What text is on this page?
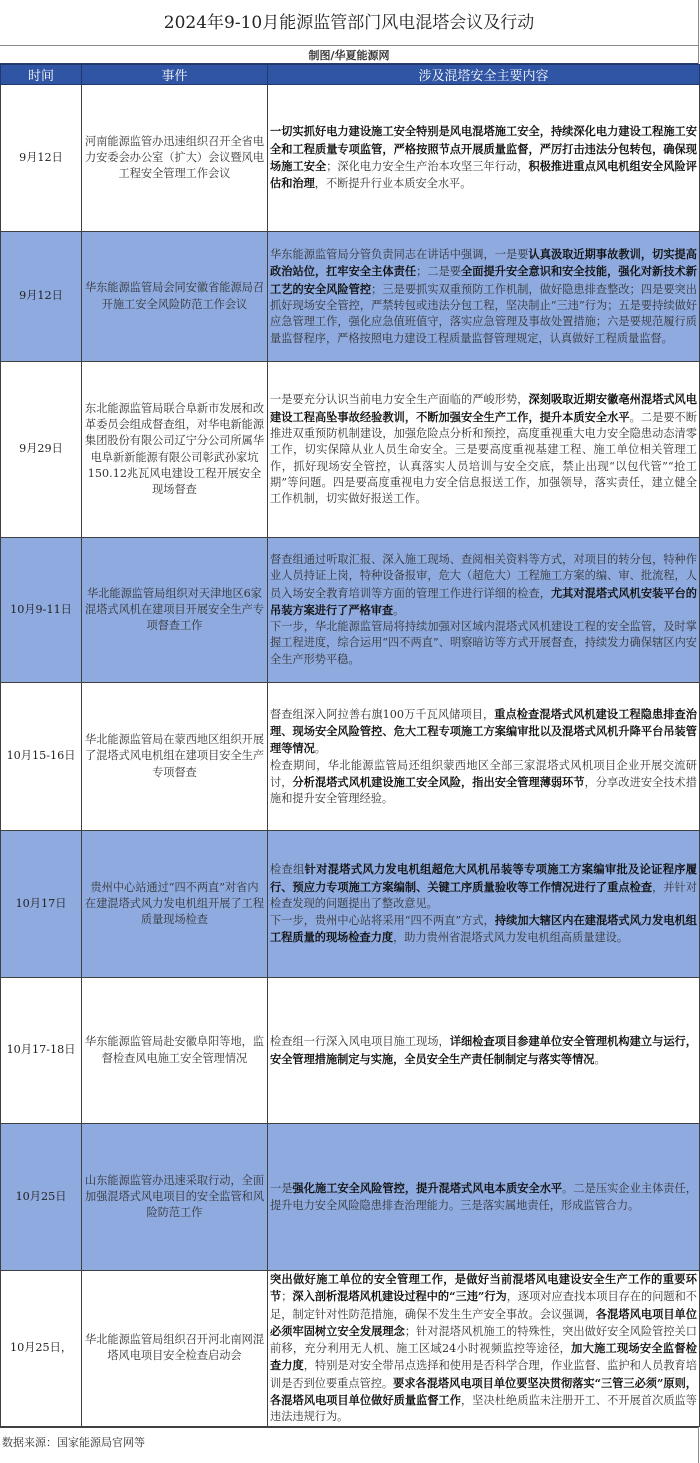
2024年9-10月能源监管部门风电混塔会议及行动
制图/华夏能源网
时间	事件	涉及混塔安全主要内容
9月12日	河南能源监管办迅速组织召开全省电力安委会办公室（扩大）会议暨风电工程安全管理工作会议	一切实抓好电力建设施工安全特别是风电混塔施工安全，持续深化电力建设工程施工安全和工程质量专项监管，严格按照节点开展质量监督，严厉打击违法分包转包，确保现场施工安全；深化电力安全生产治本攻坚三年行动，积极推进重点风电机组安全风险评估和治理，不断提升行业本质安全水平。
9月12日	华东能源监管局会同安徽省能源局召开施工安全风险防范工作会议	华东能源监管局分管负责同志在讲话中强调，一是要认真汲取近期事故教训，切实提高政治站位，扛牢安全主体责任；二是要全面提升安全意识和安全技能，强化对新技术新工艺的安全风险管控；三是要抓实双重预防工作机制，做好隐患排查整改；四是要突出抓好现场安全管控，严禁转包或违法分包工程，坚决制止“三违”行为；五是要持续做好应急管理工作，强化应急值班值守，落实应急管理及事故处置措施；六是要规范履行质量监督程序，严格按照电力建设工程质量监督管理规定，认真做好工程质量监督。
9月29日	东北能源监管局联合阜新市发展和改革委员会组成督查组，对华电新能源集团股份有限公司辽宁分公司所属华电阜新新能源有限公司彰武孙家坑150.12兆瓦风电建设工程开展安全现场督查	一是要充分认识当前电力安全生产面临的严峻形势，深刻吸取近期安徽亳州混塔式风电建设工程高坠事故经验教训，不断加强安全生产工作，提升本质安全水平。二是要不断推进双重预防机制建设，加强危险点分析和预控，高度重视重大电力安全隐患动态清零工作，切实保障从业人员生命安全。三是要高度重视基建工程、施工单位相关管理工作，抓好现场安全管控，认真落实人员培训与安全交底，禁止出现“以包代管”“抢工期”等问题。四是要高度重视电力安全信息报送工作，加强领导，落实责任，建立健全工作机制，切实做好报送工作。
10月9-11日	华北能源监管局组织对天津地区6家混塔式风机在建项目开展安全生产专项督查工作	督查组通过听取汇报、深入施工现场、查阅相关资料等方式，对项目的转分包，特种作业人员持证上岗，特种设备报审，危大（超危大）工程施工方案的编、审、批流程，人员入场安全教育培训等方面的管理工作进行详细的检查，尤其对混塔式风机安装平台的吊装方案进行了严格审查。
下一步，华北能源监管局将持续加强对区域内混塔式风机建设工程的安全监管，及时掌握工程进度，综合运用“四不两直”、明察暗访等方式开展督查，持续发力确保辖区内安全生产形势平稳。
10月15-16日	华北能源监管局在蒙西地区组织开展了混塔式风电机组在建项目安全生产专项督查	督查组深入阿拉善右旗100万千瓦风储项目，重点检查混塔式风机建设工程隐患排查治理、现场安全风险管控、危大工程专项施工方案编审批以及混塔式风机升降平台吊装管理等情况。
检查期间，华北能源监管局还组织蒙西地区全部三家混塔式风机项目企业开展交流研讨，分析混塔式风机建设施工安全风险，指出安全管理薄弱环节，分享改进安全技术措施和提升安全管理经验。
10月17日	贵州中心站通过“四不两直”对省内在建混塔式风力发电机组开展了工程质量现场检查	检查组针对混塔式风力发电机组超危大风机吊装等专项施工方案编审批及论证程序履行、预应力专项施工方案编制、关键工序质量验收等工作情况进行了重点检查，并针对检查发现的问题提出了整改意见。
下一步，贵州中心站将采用“四不两直”方式，持续加大辖区内在建混塔式风力发电机组工程质量的现场检查力度，助力贵州省混塔式风力发电机组高质量建设。
10月17-18日	华东能源监管局赴安徽阜阳等地，监督检查风电施工安全管理情况	检查组一行深入风电项目施工现场，详细检查项目参建单位安全管理机构建立与运行，安全管理措施制定与实施，全员安全生产责任制制定与落实等情况。
10月25日	山东能源监管办迅速采取行动，全面加强混塔式风电项目的安全监管和风险防范工作	一是强化施工安全风险管控，提升混塔式风电本质安全水平。二是压实企业主体责任，提升电力安全风险隐患排查治理能力。三是落实属地责任，形成监管合力。
10月25日，	华北能源监管局组织召开河北南网混塔风电项目安全检查启动会	突出做好施工单位的安全管理工作，是做好当前混塔风电建设安全生产工作的重要环节；深入剖析混塔风机建设过程中的“三违”行为，逐项对应查找本项目存在的问题和不足，制定针对性防范措施，确保不发生生产安全事故。会议强调，各混塔风电项目单位必须牢固树立安全发展理念；针对混塔风机施工的特殊性，突出做好安全风险管控关口前移，充分利用无人机、施工区域24小时视频监控等途径，加大施工现场安全监督检查力度，特别是对安全带吊点选择和使用是否科学合理，作业监督、监护和人员教育培训是否到位要重点管控。要求各混塔风电项目单位要坚决贯彻落实“三管三必须”原则，各混塔风电项目单位做好质量监督工作，坚决杜绝质监未注册开工、不开展首次质监等违法违规行为。
数据来源：国家能源局官网等
